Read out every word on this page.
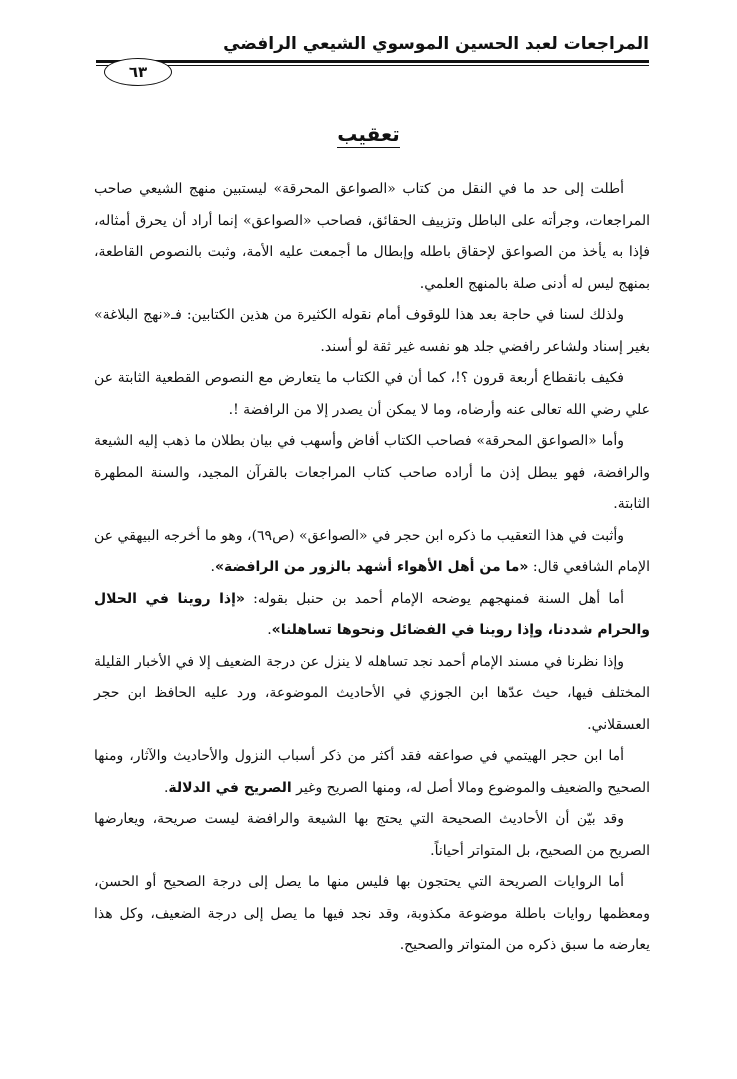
المراجعات لعبد الحسين الموسوي الشيعي الرافضي
٦٣
تعقيب

أطلت إلى حد ما في النقل من كتاب «الصواعق المحرقة» ليستبين منهج الشيعي صاحب المراجعات، وجرأته على الباطل وتزييف الحقائق، فصاحب «الصواعق» إنما أراد أن يحرق أمثاله، فإذا به يأخذ من الصواعق لإحقاق باطله وإبطال ما أجمعت عليه الأمة، وثبت بالنصوص القاطعة، بمنهج ليس له أدنى صلة بالمنهج العلمي.

ولذلك لسنا في حاجة بعد هذا للوقوف أمام نقوله الكثيرة من هذين الكتابين: فـ«نهج البلاغة» بغير إسناد ولشاعر رافضي جلد هو نفسه غير ثقة لو أسند.

فكيف بانقطاع أربعة قرون ؟!، كما أن في الكتاب ما يتعارض مع النصوص القطعية الثابتة عن علي رضي الله تعالى عنه وأرضاه، وما لا يمكن أن يصدر إلا من الرافضة !.

وأما «الصواعق المحرقة» فصاحب الكتاب أفاض وأسهب في بيان بطلان ما ذهب إليه الشيعة والرافضة، فهو يبطل إذن ما أراده صاحب كتاب المراجعات بالقرآن المجيد، والسنة المطهرة الثابتة.

وأثبت في هذا التعقيب ما ذكره ابن حجر في «الصواعق» (ص٦٩)، وهو ما أخرجه البيهقي عن الإمام الشافعي قال: «ما من أهل الأهواء أشهد بالزور من الرافضة».

أما أهل السنة فمنهجهم يوضحه الإمام أحمد بن حنبل بقوله: «إذا روينا في الحلال والحرام شددنا، وإذا روينا في الفضائل ونحوها تساهلنا».

وإذا نظرنا في مسند الإمام أحمد نجد تساهله لا ينزل عن درجة الضعيف إلا في الأخبار القليلة المختلف فيها، حيث عدّها ابن الجوزي في الأحاديث الموضوعة، ورد عليه الحافظ ابن حجر العسقلاني.

أما ابن حجر الهيتمي في صواعقه فقد أكثر من ذكر أسباب النزول والأحاديث والآثار، ومنها الصحيح والضعيف والموضوع ومالا أصل له، ومنها الصريح وغير الصريح في الدلالة.

وقد بيّن أن الأحاديث الصحيحة التي يحتج بها الشيعة والرافضة ليست صريحة، ويعارضها الصريح من الصحيح، بل المتواتر أحياناً.

أما الروايات الصريحة التي يحتجون بها فليس منها ما يصل إلى درجة الصحيح أو الحسن، ومعظمها روايات باطلة موضوعة مكذوبة، وقد نجد فيها ما يصل إلى درجة الضعيف، وكل هذا يعارضه ما سبق ذكره من المتواتر والصحيح.
